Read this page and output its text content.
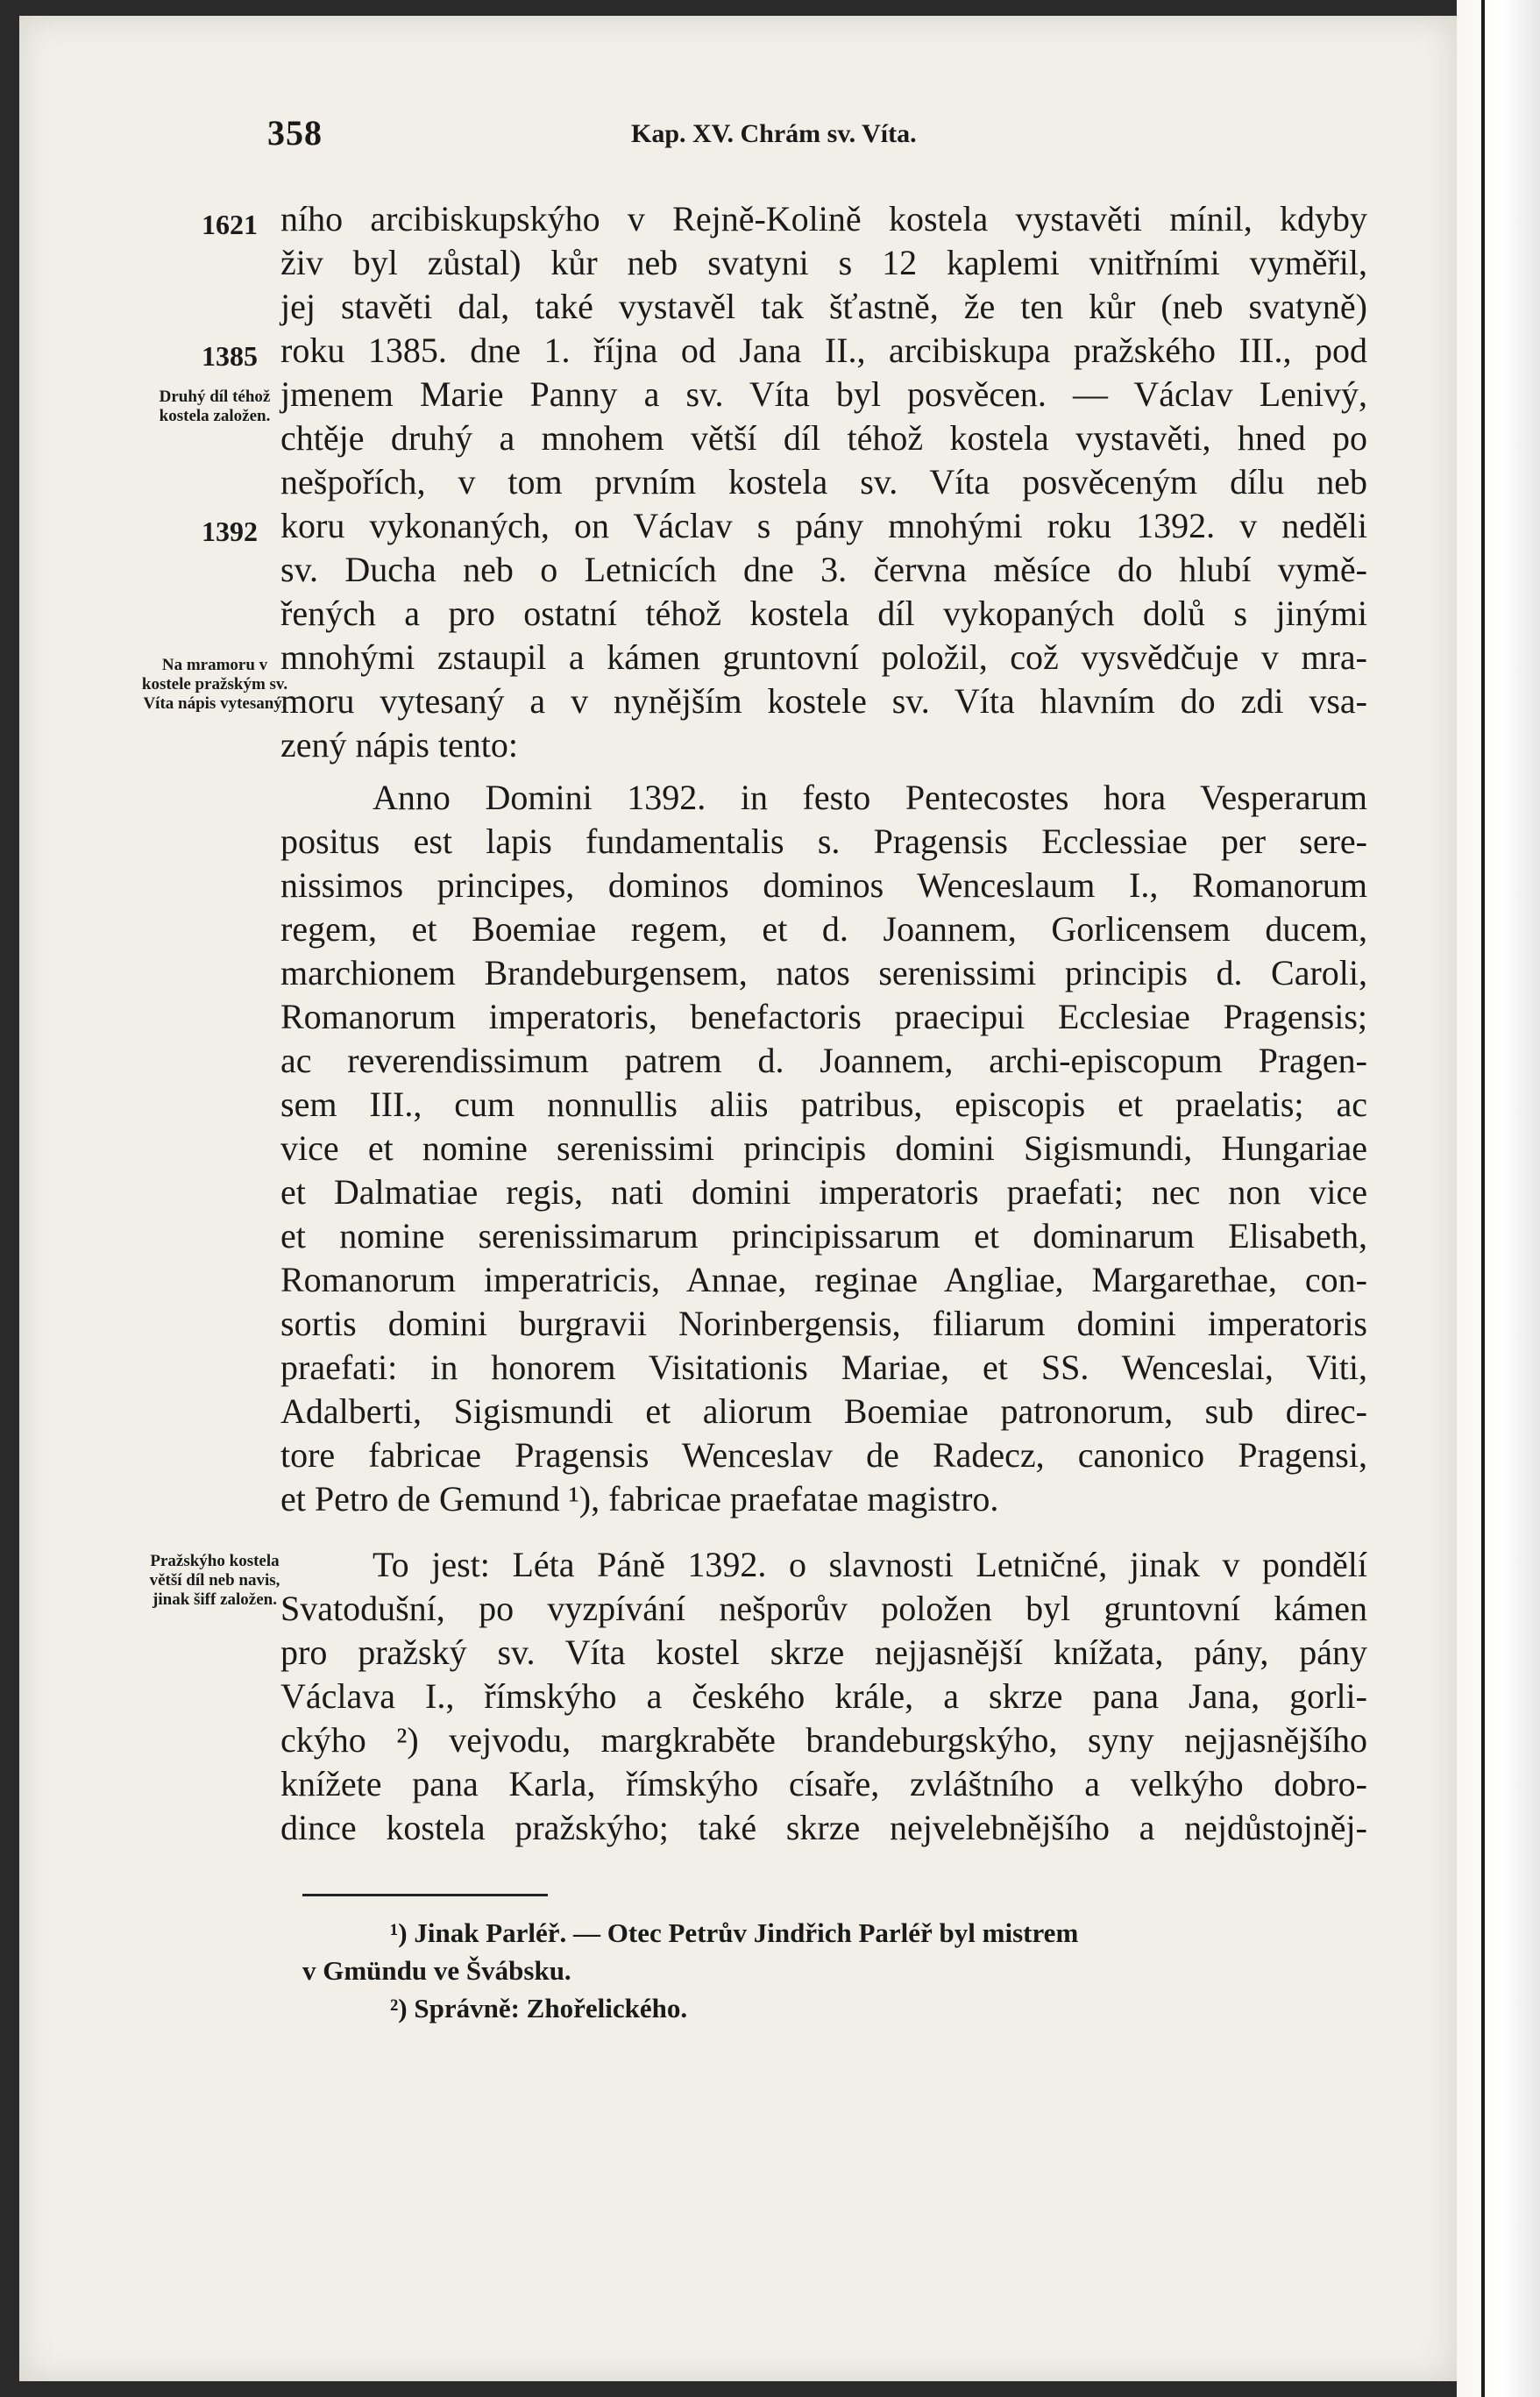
358	Kap. XV. Chrám sv. Víta.
1621
1385
1392
Druhý díl téhož kostela založen.
Na mramoru v kostele pražským sv. Víta nápis vytesaný.
Pražskýho kostela větší díl neb navis, jinak šiff založen.
ního arcibiskupskýho v Rejně-Kolině kostela vystavěti mínil, kdyby
živ byl zůstal) kůr neb svatyni s 12 kaplemi vnitřními vyměřil,
jej stavěti dal, také vystavěl tak šťastně, že ten kůr (neb svatyně)
roku 1385. dne 1. října od Jana II., arcibiskupa pražského III., pod
jmenem Marie Panny a sv. Víta byl posvěcen. — Václav Lenivý,
chtěje druhý a mnohem větší díl téhož kostela vystavěti, hned po
nešpořích, v tom prvním kostela sv. Víta posvěceným dílu neb
koru vykonaných, on Václav s pány mnohými roku 1392. v neděli
sv. Ducha neb o Letnicích dne 3. června měsíce do hlubí vymě-
řených a pro ostatní téhož kostela díl vykopaných dolů s jinými
mnohými zstaupil a kámen gruntovní položil, což vysvědčuje v mra-
moru vytesaný a v nynějším kostele sv. Víta hlavním do zdi vsa-
zený nápis tento:
Anno Domini 1392. in festo Pentecostes hora Vesperarum
positus est lapis fundamentalis s. Pragensis Ecclessiae per sere-
nissimos principes, dominos dominos Wenceslaum I., Romanorum
regem, et Boemiae regem, et d. Joannem, Gorlicensem ducem,
marchionem Brandeburgensem, natos serenissimi principis d. Caroli,
Romanorum imperatoris, benefactoris praecipui Ecclesiae Pragensis;
ac reverendissimum patrem d. Joannem, archi-episcopum Pragen-
sem III., cum nonnullis aliis patribus, episcopis et praelatis; ac
vice et nomine serenissimi principis domini Sigismundi, Hungariae
et Dalmatiae regis, nati domini imperatoris praefati; nec non vice
et nomine serenissimarum principissarum et dominarum Elisabeth,
Romanorum imperatricis, Annae, reginae Angliae, Margarethae, con-
sortis domini burgravii Norinbergensis, filiarum domini imperatoris
praefati: in honorem Visitationis Mariae, et SS. Wenceslai, Viti,
Adalberti, Sigismundi et aliorum Boemiae patronorum, sub direc-
tore fabricae Pragensis Wenceslav de Radecz, canonico Pragensi,
et Petro de Gemund ¹), fabricae praefatae magistro.
To jest: Léta Páně 1392. o slavnosti Letničné, jinak v pondělí
Svatodušní, po vyzpívání nešporův položen byl gruntovní kámen
pro pražský sv. Víta kostel skrze nejjasnější knížata, pány, pány
Václava I., římskýho a českého krále, a skrze pana Jana, gorli-
ckýho ²) vejvodu, margkraběte brandeburgskýho, syny nejjasnějšího
knížete pana Karla, římskýho císaře, zvláštního a velkýho dobro-
dince kostela pražskýho; také skrze nejvelebnějšího a nejdůstojněj-
¹) Jinak Parléř. — Otec Petrův Jindřich Parléř byl mistrem
v Gmündu ve Švábsku.
²) Správně: Zhořelického.
